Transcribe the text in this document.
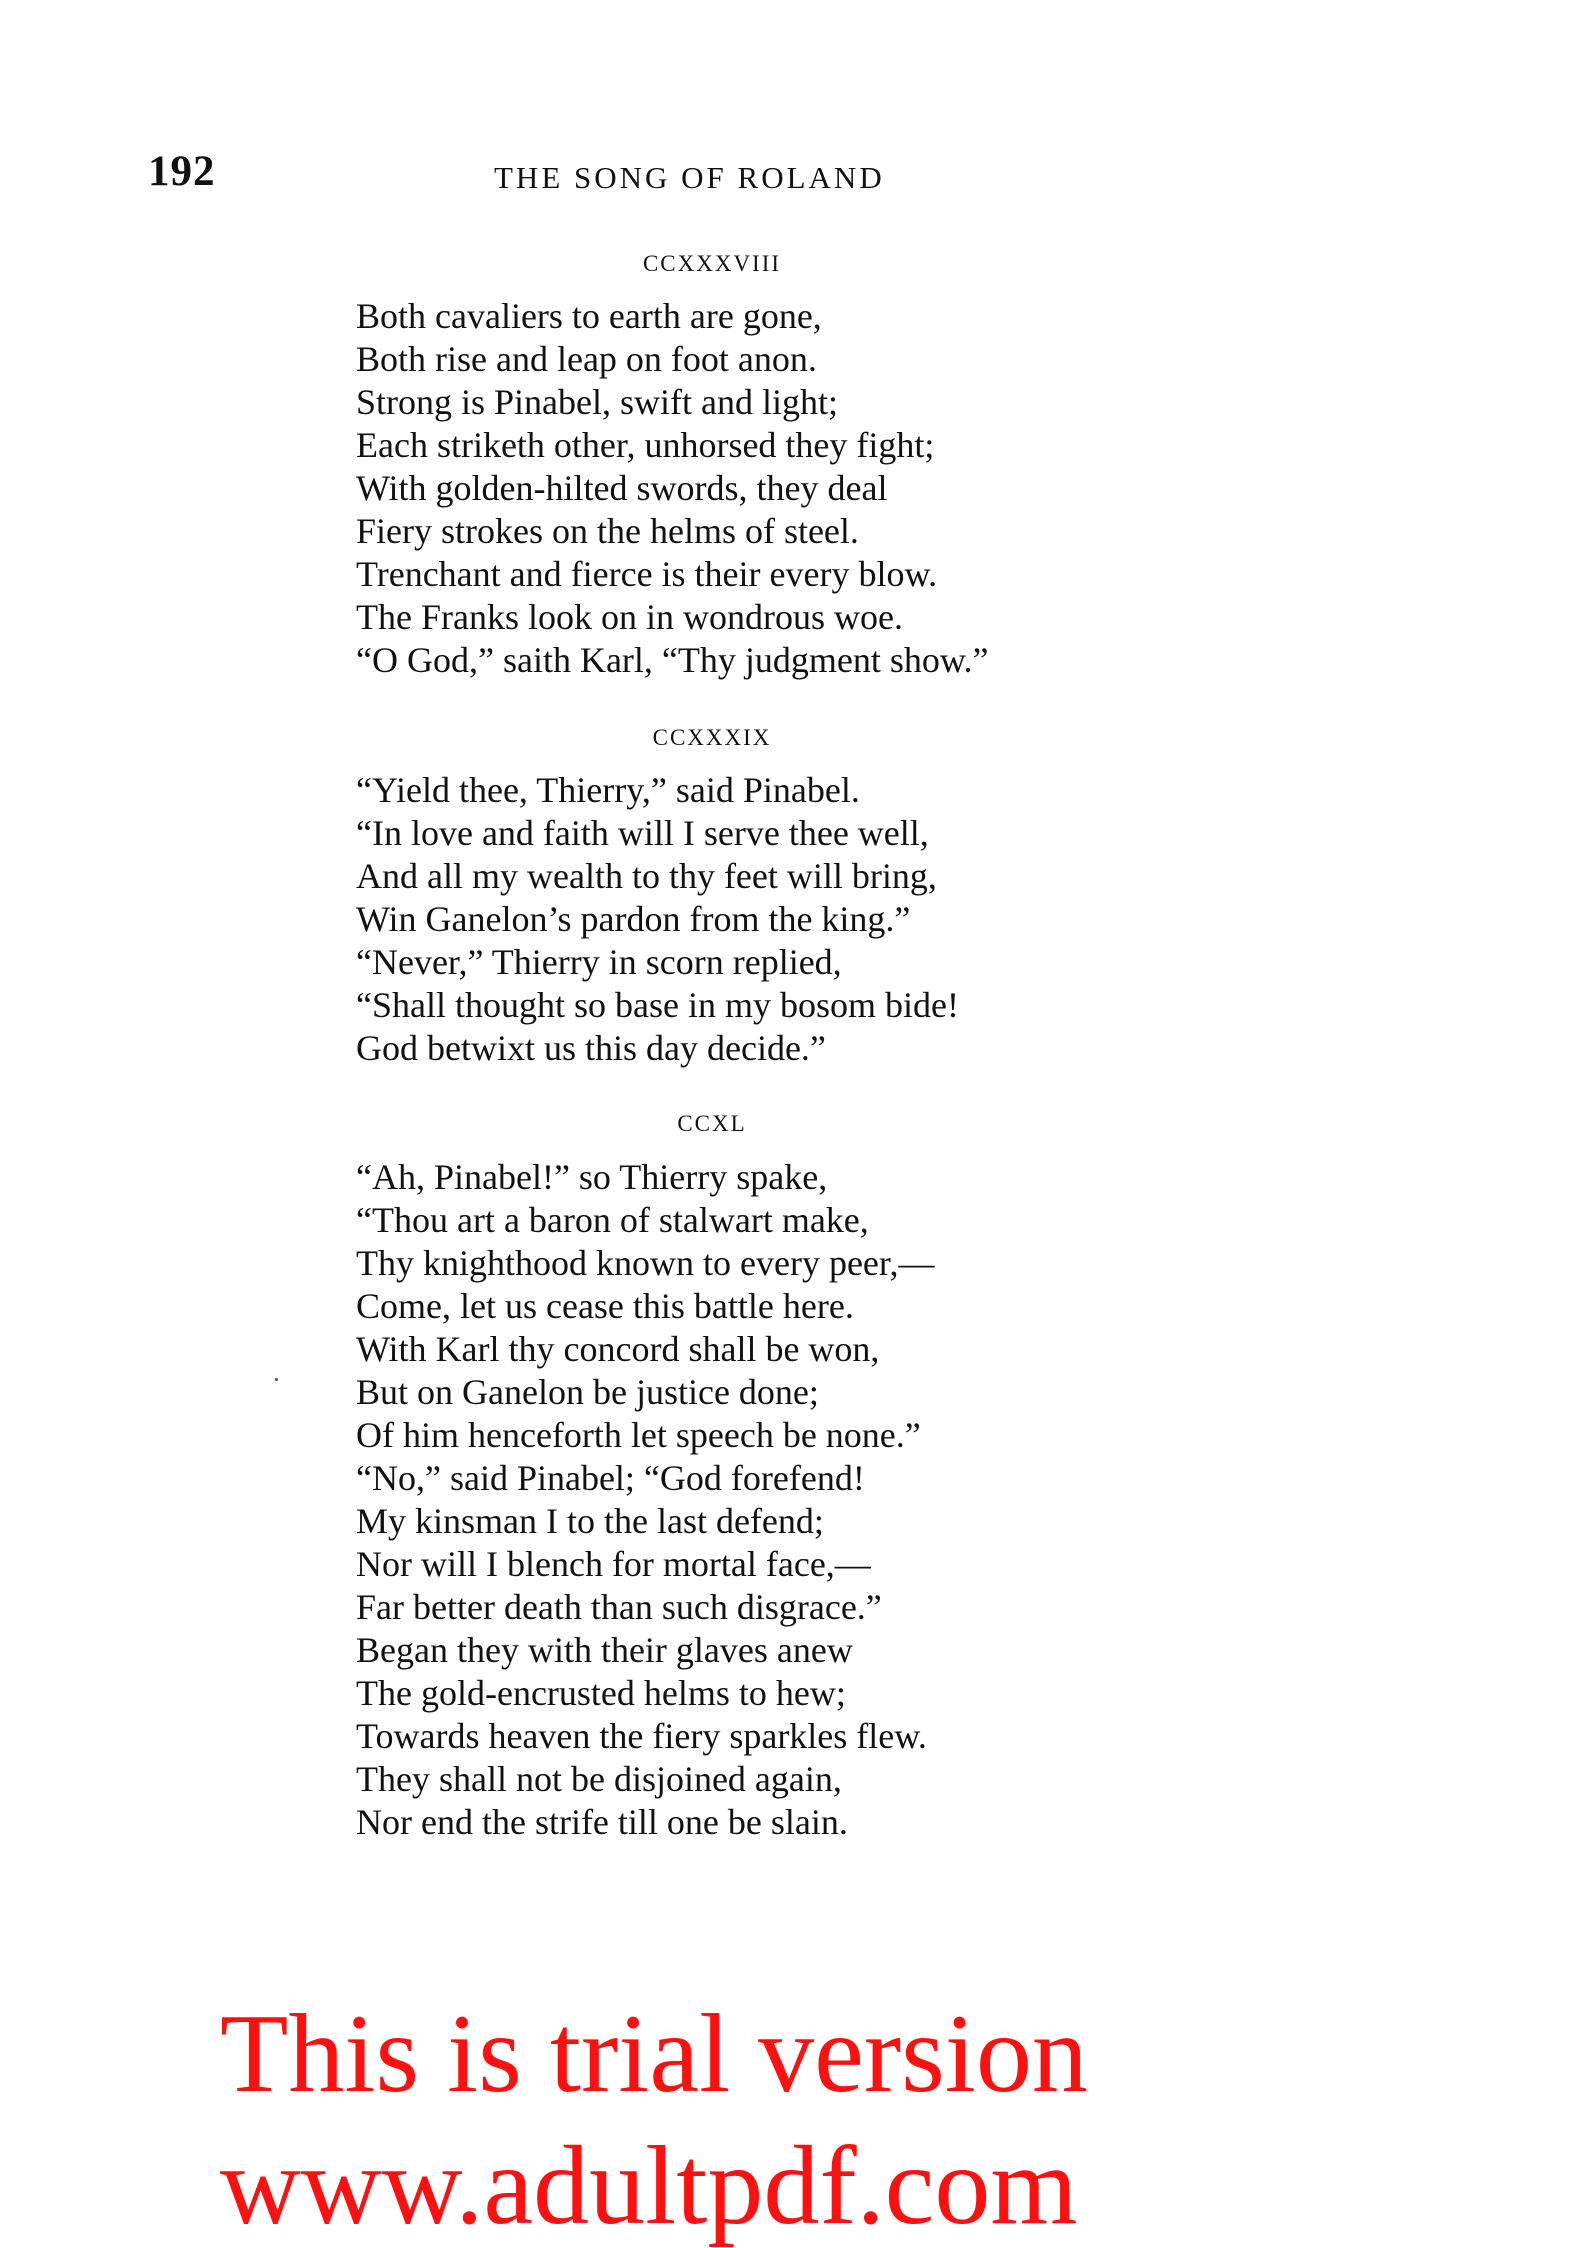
192	THE SONG OF ROLAND
CCXXXVIII
Both cavaliers to earth are gone,
Both rise and leap on foot anon.
Strong is Pinabel, swift and light;
Each striketh other, unhorsed they fight;
With golden-hilted swords, they deal
Fiery strokes on the helms of steel.
Trenchant and fierce is their every blow.
The Franks look on in wondrous woe.
“O God,” saith Karl, “Thy judgment show.”
CCXXXIX
“Yield thee, Thierry,” said Pinabel.
“In love and faith will I serve thee well,
And all my wealth to thy feet will bring,
Win Ganelon’s pardon from the king.”
“Never,” Thierry in scorn replied,
“Shall thought so base in my bosom bide!
God betwixt us this day decide.”
CCXL
“Ah, Pinabel!” so Thierry spake,
“Thou art a baron of stalwart make,
Thy knighthood known to every peer,—
Come, let us cease this battle here.
With Karl thy concord shall be won,
But on Ganelon be justice done;
Of him henceforth let speech be none.”
“No,” said Pinabel; “God forefend!
My kinsman I to the last defend;
Nor will I blench for mortal face,—
Far better death than such disgrace.”
Began they with their glaves anew
The gold-encrusted helms to hew;
Towards heaven the fiery sparkles flew.
They shall not be disjoined again,
Nor end the strife till one be slain.
This is trial version
www.adultpdf.com
